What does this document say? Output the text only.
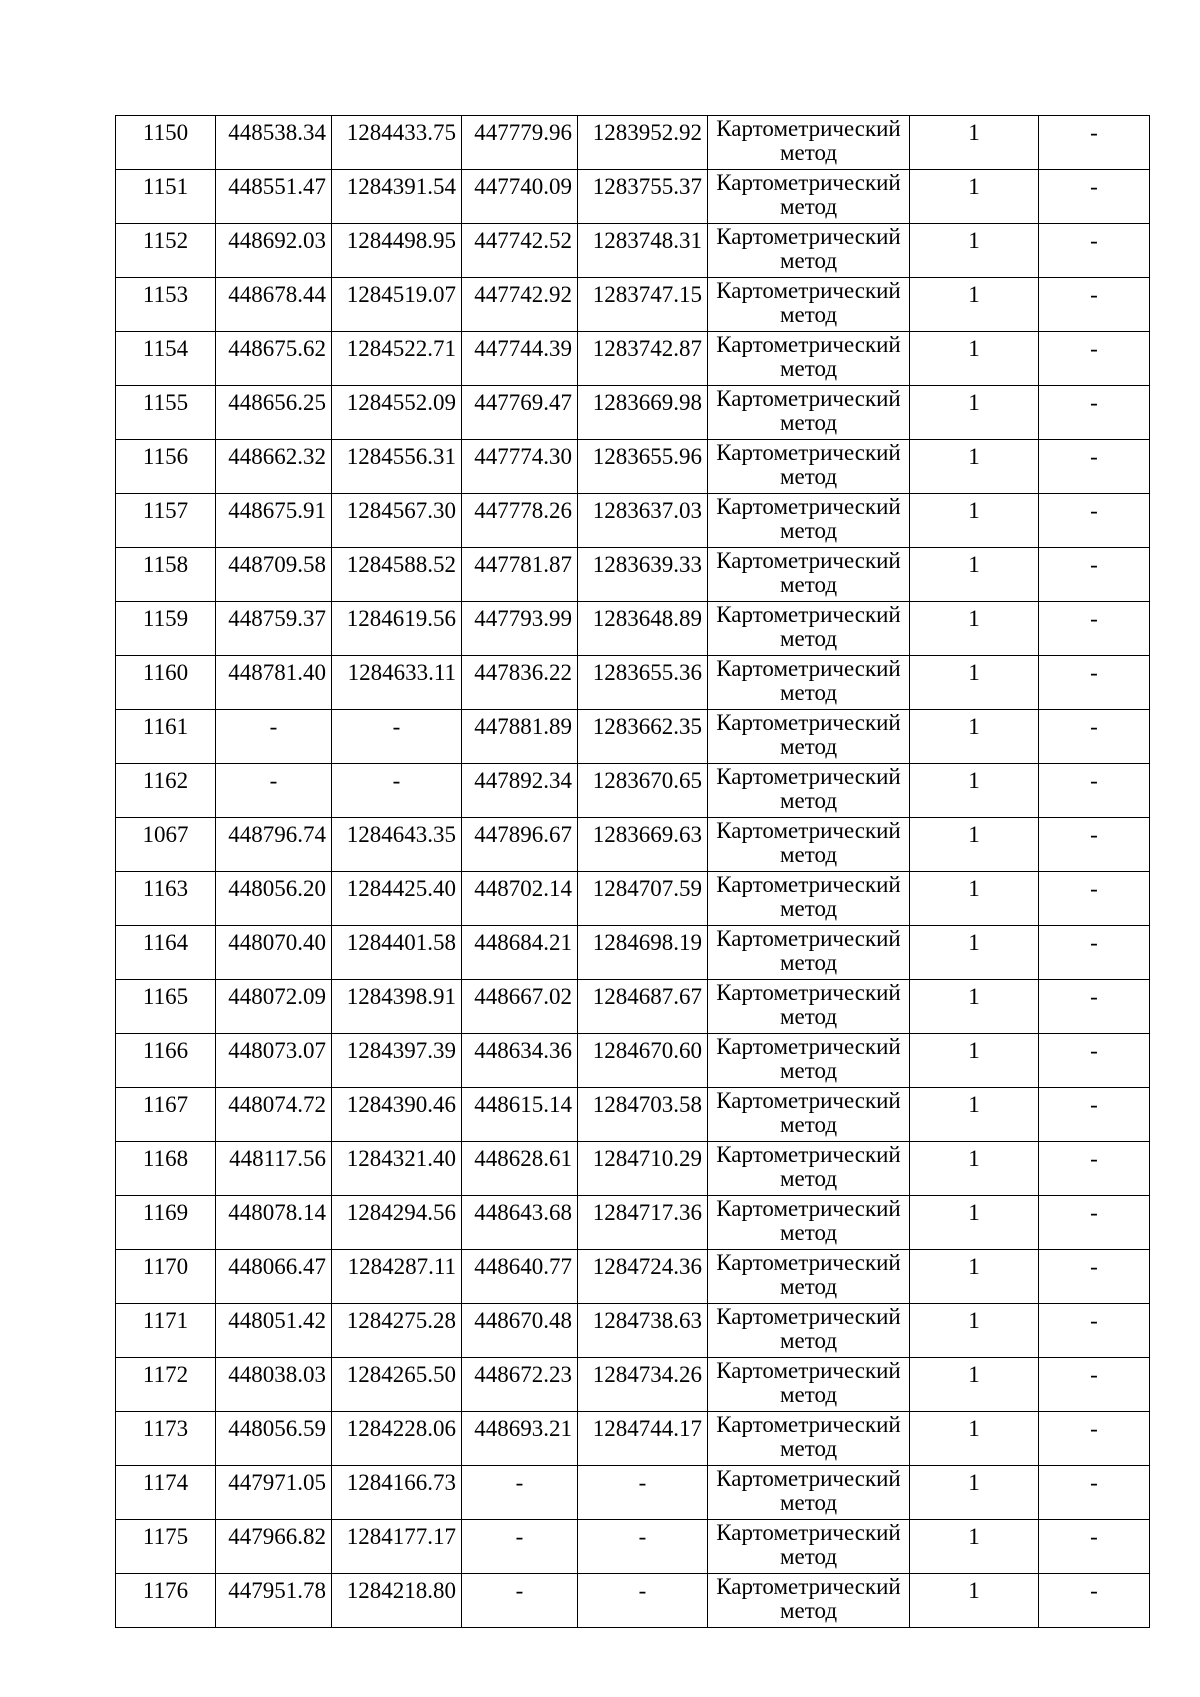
1150	448538.34	1284433.75	447779.96	1283952.92	Картометрический
метод	1	-
1151	448551.47	1284391.54	447740.09	1283755.37	Картометрический
метод	1	-
1152	448692.03	1284498.95	447742.52	1283748.31	Картометрический
метод	1	-
1153	448678.44	1284519.07	447742.92	1283747.15	Картометрический
метод	1	-
1154	448675.62	1284522.71	447744.39	1283742.87	Картометрический
метод	1	-
1155	448656.25	1284552.09	447769.47	1283669.98	Картометрический
метод	1	-
1156	448662.32	1284556.31	447774.30	1283655.96	Картометрический
метод	1	-
1157	448675.91	1284567.30	447778.26	1283637.03	Картометрический
метод	1	-
1158	448709.58	1284588.52	447781.87	1283639.33	Картометрический
метод	1	-
1159	448759.37	1284619.56	447793.99	1283648.89	Картометрический
метод	1	-
1160	448781.40	1284633.11	447836.22	1283655.36	Картометрический
метод	1	-
1161	-	-	447881.89	1283662.35	Картометрический
метод	1	-
1162	-	-	447892.34	1283670.65	Картометрический
метод	1	-
1067	448796.74	1284643.35	447896.67	1283669.63	Картометрический
метод	1	-
1163	448056.20	1284425.40	448702.14	1284707.59	Картометрический
метод	1	-
1164	448070.40	1284401.58	448684.21	1284698.19	Картометрический
метод	1	-
1165	448072.09	1284398.91	448667.02	1284687.67	Картометрический
метод	1	-
1166	448073.07	1284397.39	448634.36	1284670.60	Картометрический
метод	1	-
1167	448074.72	1284390.46	448615.14	1284703.58	Картометрический
метод	1	-
1168	448117.56	1284321.40	448628.61	1284710.29	Картометрический
метод	1	-
1169	448078.14	1284294.56	448643.68	1284717.36	Картометрический
метод	1	-
1170	448066.47	1284287.11	448640.77	1284724.36	Картометрический
метод	1	-
1171	448051.42	1284275.28	448670.48	1284738.63	Картометрический
метод	1	-
1172	448038.03	1284265.50	448672.23	1284734.26	Картометрический
метод	1	-
1173	448056.59	1284228.06	448693.21	1284744.17	Картометрический
метод	1	-
1174	447971.05	1284166.73	-	-	Картометрический
метод	1	-
1175	447966.82	1284177.17	-	-	Картометрический
метод	1	-
1176	447951.78	1284218.80	-	-	Картометрический
метод	1	-
